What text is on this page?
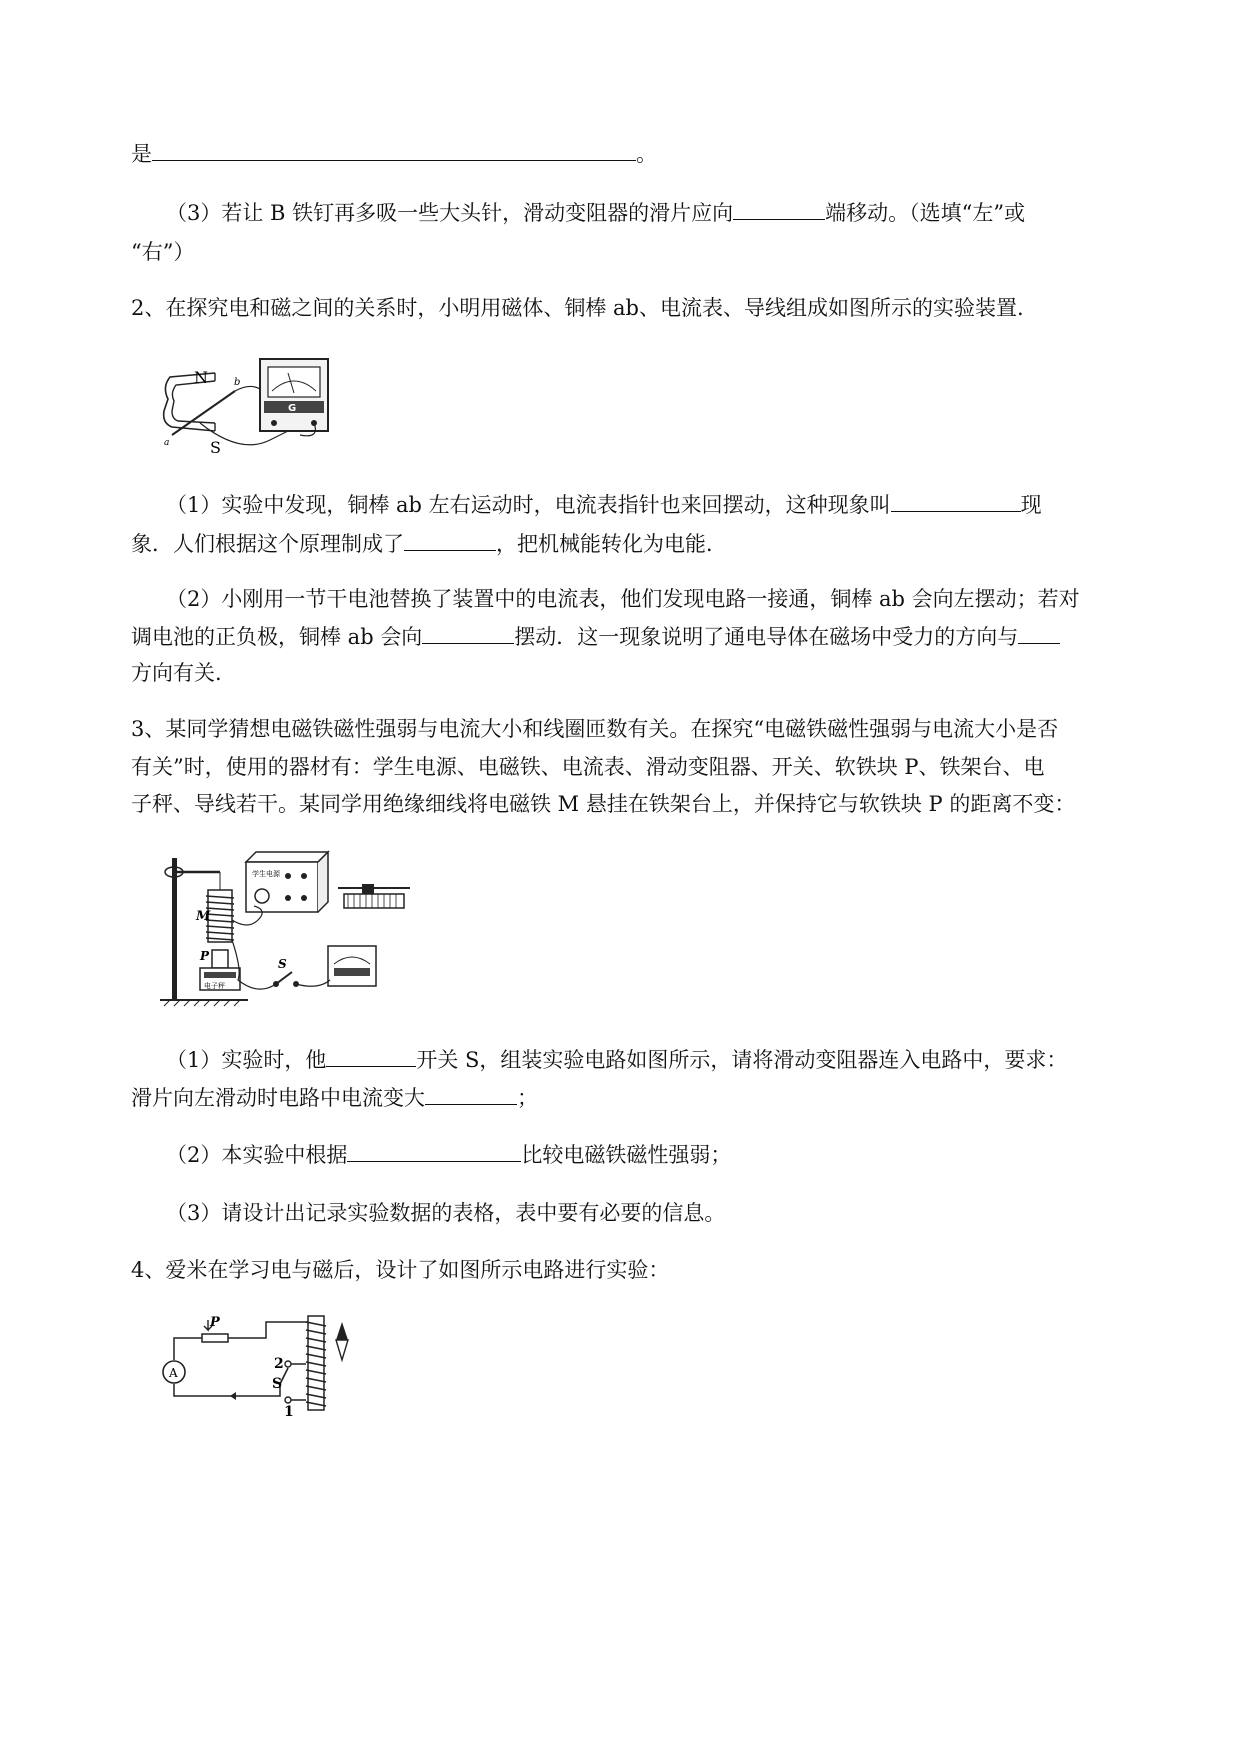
是	。
（3）若让 B 铁钉再多吸一些大头针，滑动变阻器的滑片应向	端移动。（选填“左”或
“右”）
2、在探究电和磁之间的关系时，小明用磁体、铜棒 ab、电流表、导线组成如图所示的实验装置.
N
S
a
b
G
（1）实验中发现，铜棒 ab 左右运动时，电流表指针也来回摆动，这种现象叫	现
象．人们根据这个原理制成了	，把机械能转化为电能．
（2）小刚用一节干电池替换了装置中的电流表，他们发现电路一接通，铜棒 ab 会向左摆动；若对
调电池的正负极，铜棒 ab 会向	摆动．这一现象说明了通电导体在磁场中受力的方向与
方向有关.
3、某同学猜想电磁铁磁性强弱与电流大小和线圈匝数有关。在探究“电磁铁磁性强弱与电流大小是否
有关”时，使用的器材有：学生电源、电磁铁、电流表、滑动变阻器、开关、软铁块 P、铁架台、电
子秤、导线若干。某同学用绝缘细线将电磁铁 M 悬挂在铁架台上，并保持它与软铁块 P 的距离不变：
M
P
S
学生电源
电子秤
（1）实验时，他	开关 S，组装实验电路如图所示，请将滑动变阻器连入电路中，要求：
滑片向左滑动时电路中电流变大	；
（2）本实验中根据	比较电磁铁磁性强弱；
（3）请设计出记录实验数据的表格，表中要有必要的信息。
4、爱米在学习电与磁后，设计了如图所示电路进行实验：
P
A
2
S
1
